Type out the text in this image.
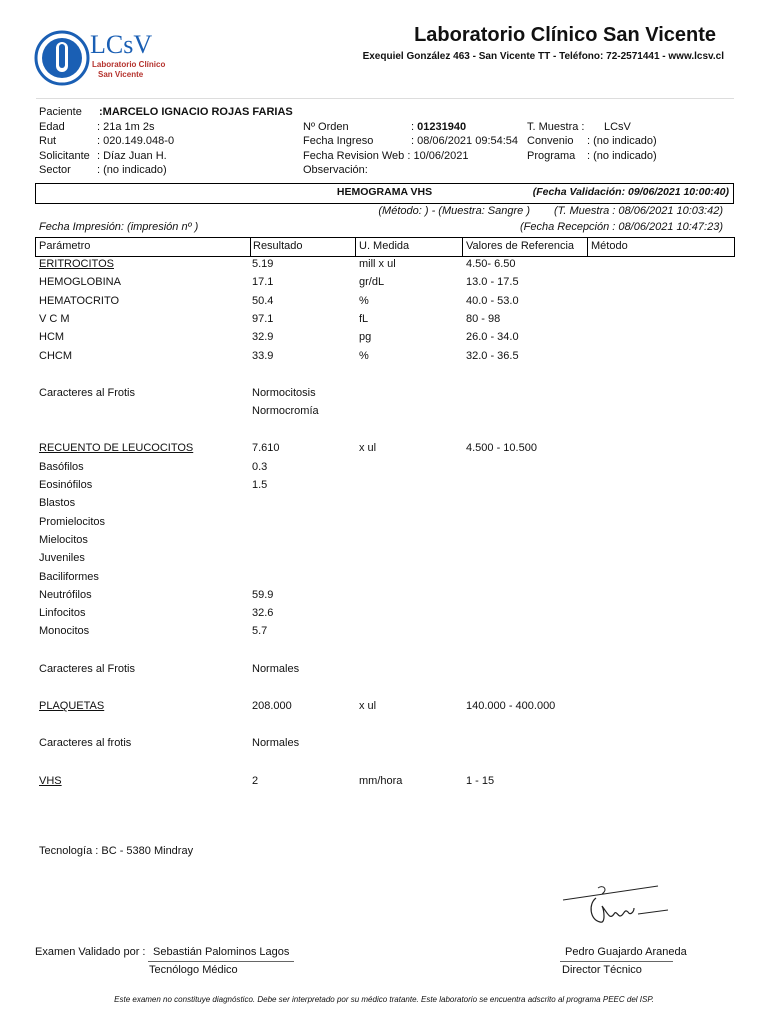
LCsV
Laboratorio Clínico
San Vicente
Laboratorio Clínico San Vicente
Exequiel González 463 - San Vicente TT - Teléfono: 72-2571441 - www.lcsv.cl
Paciente :MARCELO IGNACIO ROJAS FARIAS
Edad	: 21a 1m 2s
Rut	: 020.149.048-0
Solicitante : Díaz Juan H.
Sector : (no indicado)
Nº Orden	: 01231940
Fecha Ingreso	: 08/06/2021 09:54:54
Fecha Revision Web : 10/06/2021
Observación:
T. Muestra : LCsV
Convenio : (no indicado)
Programa : (no indicado)
HEMOGRAMA VHS	(Fecha Validación: 09/06/2021 10:00:40)
(Método: ) - (Muestra: Sangre ) (T. Muestra : 08/06/2021 10:03:42)
Fecha Impresión: (impresión nº )	(Fecha Recepción : 08/06/2021 10:47:23)
Parámetro	Resultado	U. Medida	Valores de Referencia Método
ERITROCITOS	5.19	mill x ul	4.50- 6.50
HEMOGLOBINA	17.1	gr/dL	13.0 - 17.5
HEMATOCRITO	50.4	%	40.0 - 53.0
V C M	97.1	fL	80 - 98
HCM	32.9	pg	26.0 - 34.0
CHCM	33.9	%	32.0 - 36.5
Caracteres al Frotis	Normocitosis
Normocromía
RECUENTO DE LEUCOCITOS	7.610	x ul	4.500 - 10.500
Basófilos	0.3
Eosinófilos	1.5
Blastos
Promielocitos
Mielocitos
Juveniles
Baciliformes
Neutrófilos	59.9
Linfocitos	32.6
Monocitos	5.7
Caracteres al Frotis	Normales
PLAQUETAS	208.000	x ul	140.000 - 400.000
Caracteres al frotis	Normales
VHS	2	mm/hora	1 - 15
Tecnología : BC - 5380 Mindray
Examen Validado por : Sebastián Palominos Lagos
Tecnólogo Médico
Pedro Guajardo Araneda
Director Técnico
Este examen no constituye diagnóstico. Debe ser interpretado por su médico tratante. Este laboratorio se encuentra adscrito al programa PEEC del ISP.
